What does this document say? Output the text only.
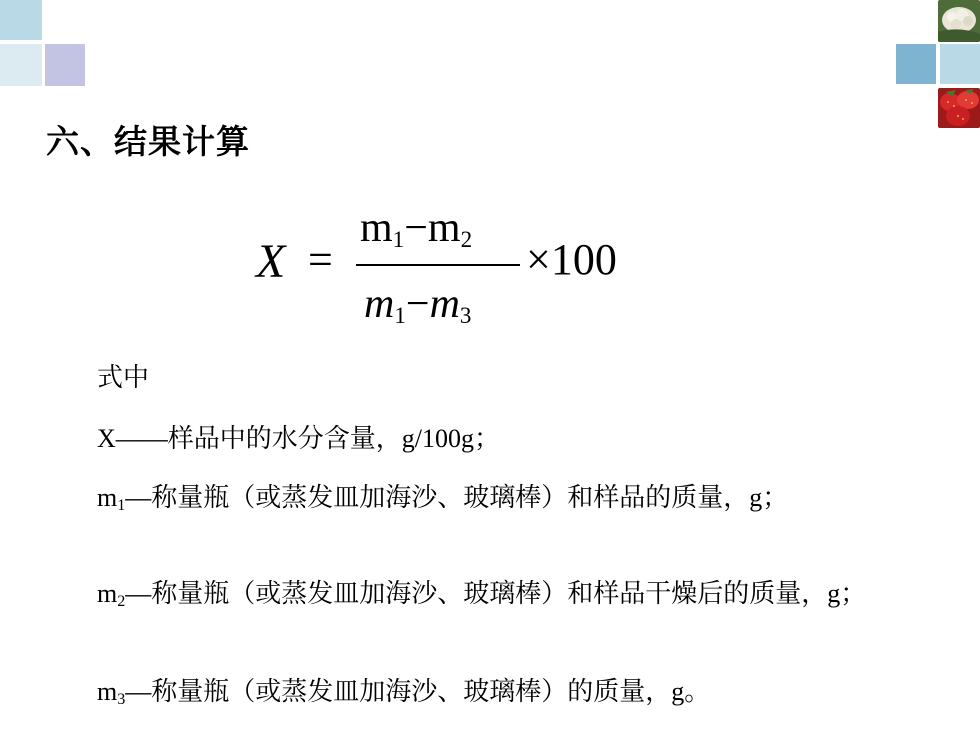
六、结果计算
X =
$m_1-m_2$
$m_1-m_3$
×100
式中
X——样品中的水分含量，g/100g；
$m_1—$称量瓶（或蒸发皿加海沙、玻璃棒）和样品的质量，g；
$m_2—$称量瓶（或蒸发皿加海沙、玻璃棒）和样品干燥后的质量，g；
$m_3—$称量瓶（或蒸发皿加海沙、玻璃棒）的质量，g。
